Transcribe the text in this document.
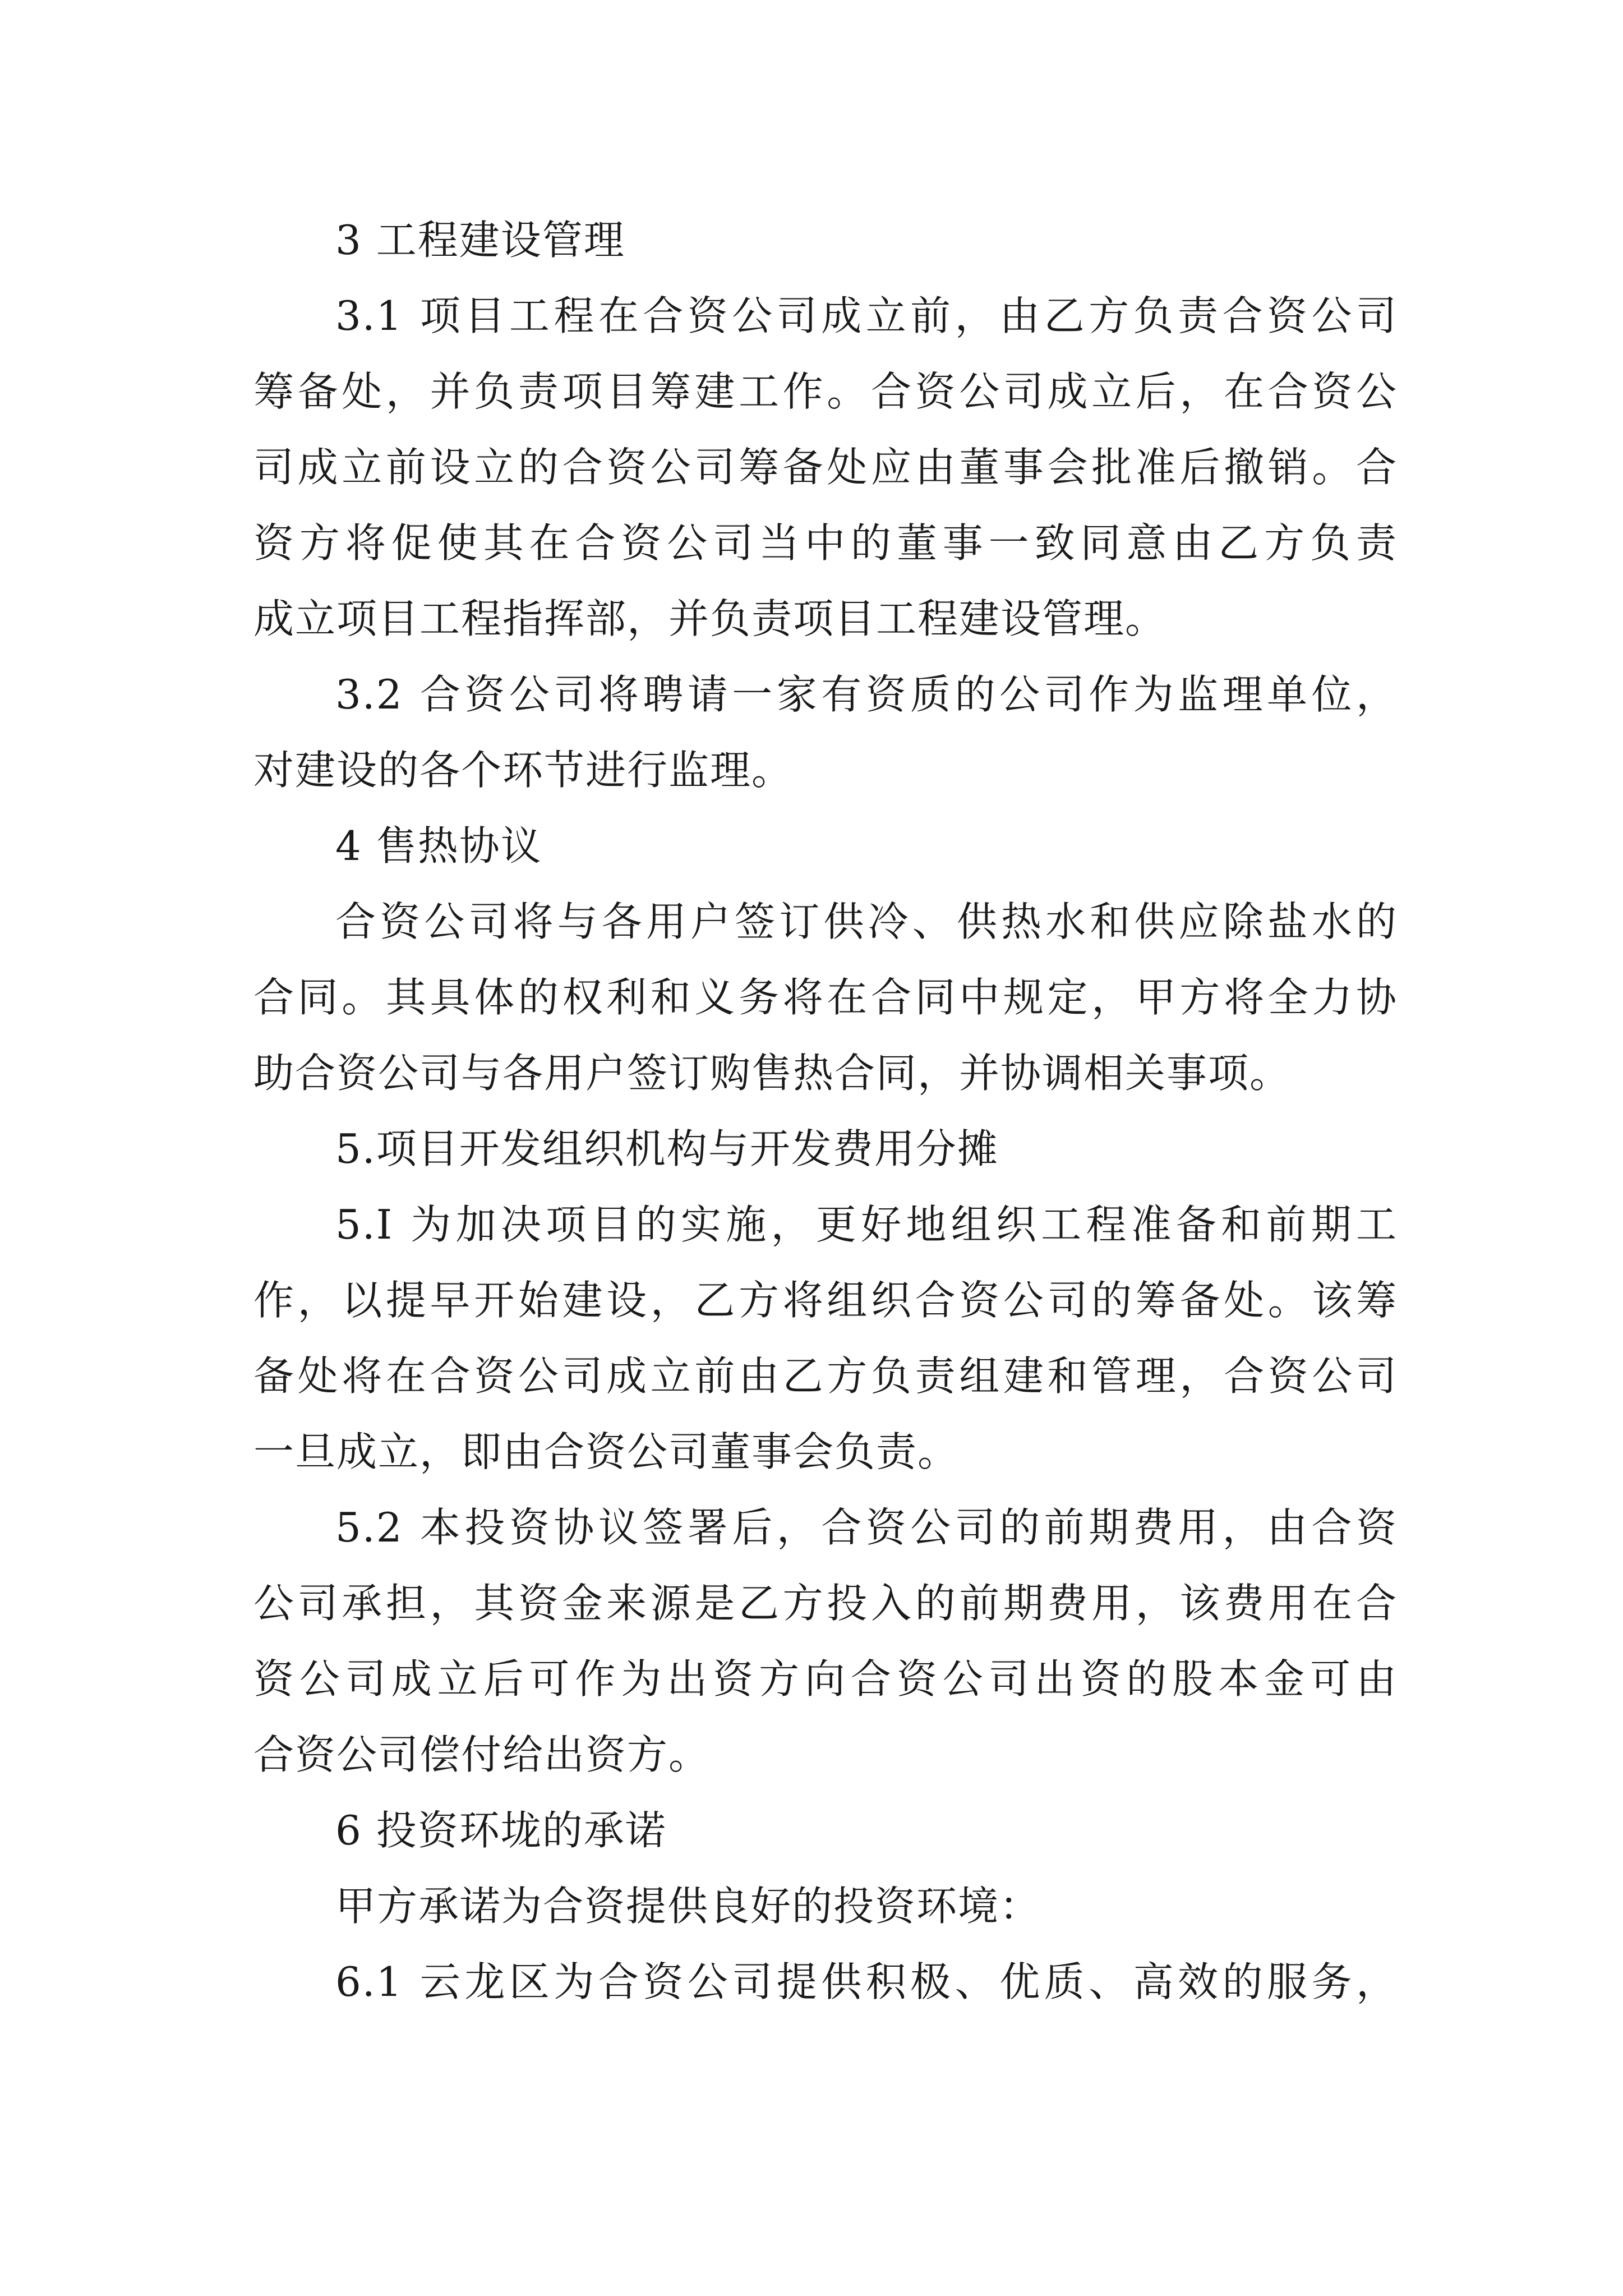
3 工程建设管理
3.1 项目工程在合资公司成立前，由乙方负责合资公司
筹备处，并负责项目筹建工作。合资公司成立后，在合资公
司成立前设立的合资公司筹备处应由董事会批准后撤销。合
资方将促使其在合资公司当中的董事一致同意由乙方负责
成立项目工程指挥部，并负责项目工程建设管理。
3.2 合资公司将聘请一家有资质的公司作为监理单位，
对建设的各个环节进行监理。
4 售热协议
合资公司将与各用户签订供冷、供热水和供应除盐水的
合同。其具体的权利和义务将在合同中规定，甲方将全力协
助合资公司与各用户签订购售热合同，并协调相关事项。
5.项目开发组织机构与开发费用分摊
5.I 为加决项目的实施，更好地组织工程准备和前期工
作，以提早开始建设，乙方将组织合资公司的筹备处。该筹
备处将在合资公司成立前由乙方负责组建和管理，合资公司
一旦成立，即由合资公司董事会负责。
5.2 本投资协议签署后，合资公司的前期费用，由合资
公司承担，其资金来源是乙方投入的前期费用，该费用在合
资公司成立后可作为出资方向合资公司出资的股本金可由
合资公司偿付给出资方。
6 投资环垅的承诺
甲方承诺为合资提供良好的投资环境：
6.1 云龙区为合资公司提供积极、优质、高效的服务，
